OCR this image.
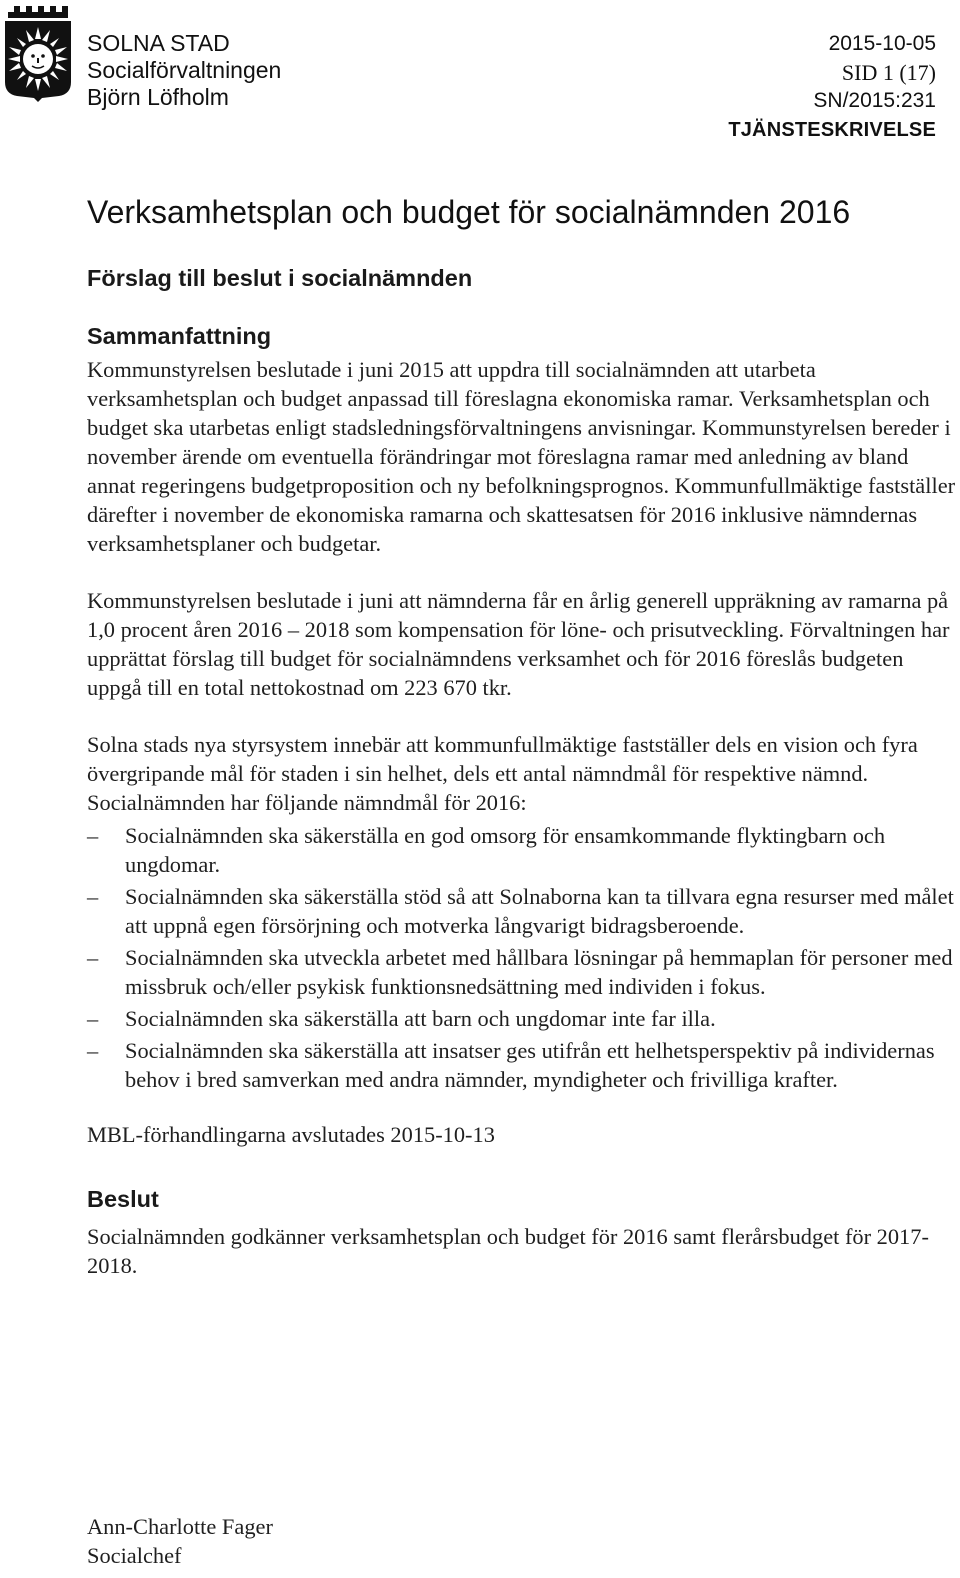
SOLNA STAD
Socialförvaltningen
Björn Löfholm
2015-10-05
SID 1 (17)
SN/2015:231
TJÄNSTESKRIVELSE
Verksamhetsplan och budget för socialnämnden 2016
Förslag till beslut i socialnämnden
Sammanfattning

Kommunstyrelsen beslutade i juni 2015 att uppdra till socialnämnden att utarbeta verksamhetsplan och budget anpassad till föreslagna ekonomiska ramar. Verksamhetsplan och budget ska utarbetas enligt stadsledningsförvaltningens anvisningar. Kommunstyrelsen bereder i november ärende om eventuella förändringar mot föreslagna ramar med anledning av bland annat regeringens budgetproposition och ny befolkningsprognos. Kommunfullmäktige fastställer därefter i november de ekonomiska ramarna och skattesatsen för 2016 inklusive nämndernas verksamhetsplaner och budgetar.

Kommunstyrelsen beslutade i juni att nämnderna får en årlig generell uppräkning av ramarna på 1,0 procent åren 2016 – 2018 som kompensation för löne- och prisutveckling. Förvaltningen har upprättat förslag till budget för socialnämndens verksamhet och för 2016 föreslås budgeten uppgå till en total nettokostnad om 223 670 tkr.

Solna stads nya styrsystem innebär att kommunfullmäktige fastställer dels en vision och fyra övergripande mål för staden i sin helhet, dels ett antal nämndmål för respektive nämnd. Socialnämnden har följande nämndmål för 2016:

– Socialnämnden ska säkerställa en god omsorg för ensamkommande flyktingbarn och ungdomar.
– Socialnämnden ska säkerställa stöd så att Solnaborna kan ta tillvara egna resurser med målet att uppnå egen försörjning och motverka långvarigt bidragsberoende.
– Socialnämnden ska utveckla arbetet med hållbara lösningar på hemmaplan för personer med missbruk och/eller psykisk funktionsnedsättning med individen i fokus.
– Socialnämnden ska säkerställa att barn och ungdomar inte far illa.
– Socialnämnden ska säkerställa att insatser ges utifrån ett helhetsperspektiv på individernas behov i bred samverkan med andra nämnder, myndigheter och frivilliga krafter.

MBL-förhandlingarna avslutades 2015-10-13

Beslut

Socialnämnden godkänner verksamhetsplan och budget för 2016 samt flerårsbudget för 2017-2018.

Ann-Charlotte Fager
Socialchef
